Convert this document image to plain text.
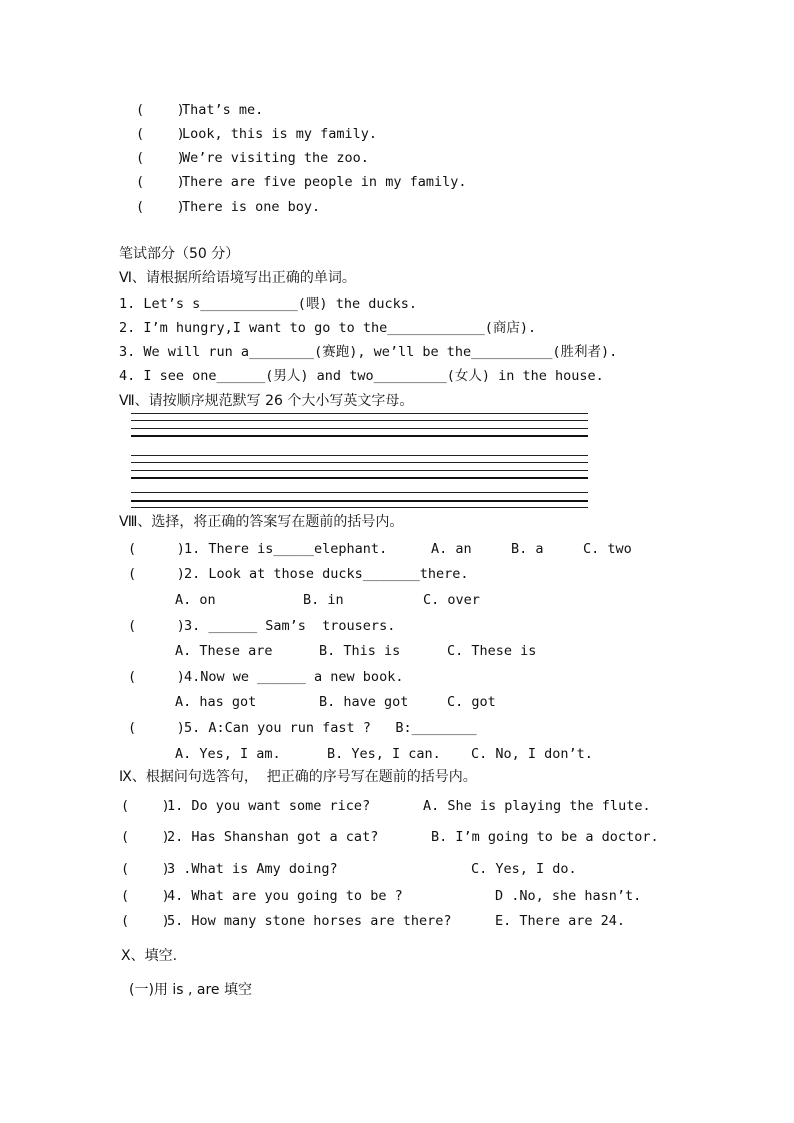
(    )
That’s me.
(    )
Look, this is my family.
(    )
We’re visiting the zoo.
(    )
There are five people in my family.
(    )
There is one boy.
笔试部分（50 分）
Ⅵ、请根据所给语境写出正确的单词。
1. Let’s s____________(喂) the ducks.
2. I’m hungry,I want to go to the____________(商店).
3. We will run a________(赛跑), we’ll be the__________(胜利者).
4. I see one______(男人) and two_________(女人) in the house.
Ⅶ、请按顺序规范默写 26 个大小写英文字母。
Ⅷ、选择，将正确的答案写在题前的括号内。
(     ) 1. There is_____elephant.	A. an	B. a	C. two
(     ) 2. Look at those ducks_______there.
A. on	B. in	C. over
(     ) 3. ______ Sam’s  trousers.
A. These are	B. This is	C. These is
(     ) 4.Now we ______ a new book.
A. has got	B. have got	C. got
(     ) 5. A:Can you run fast ?   B:________
A. Yes, I am.	B. Yes, I can. C. No, I don’t.
Ⅸ、根据问句选答句，  把正确的序号写在题前的括号内。
(    )
1. Do you want some rice?	A. She is playing the flute.
(    )
2. Has Shanshan got a cat?	B. I’m going to be a doctor.
(    )
3 .What is Amy doing?	C. Yes, I do.
(    )
4. What are you going to be ?	D .No, she hasn’t.
(    )
5. How many stone horses are there?	E. There are 24.
Ⅹ、填空.
(一)用 is , are 填空
